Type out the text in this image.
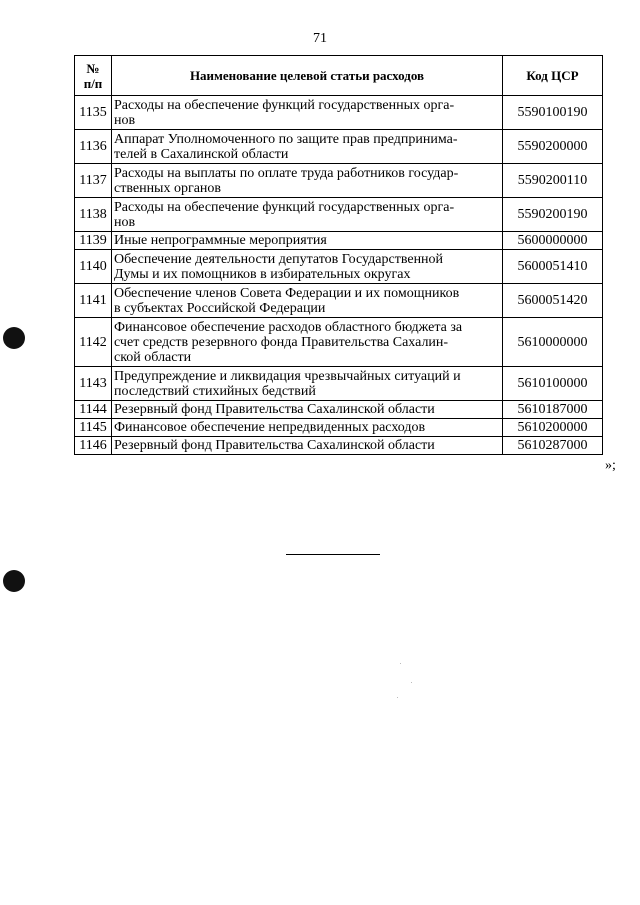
71
№
п/п	Наименование целевой статьи расходов	Код ЦСР
1135	Расходы на обеспечение функций государственных орга-
нов	5590100190
1136	Аппарат Уполномоченного по защите прав предпринима-
телей в Сахалинской области	5590200000
1137	Расходы на выплаты по оплате труда работников государ-
ственных органов	5590200110
1138	Расходы на обеспечение функций государственных орга-
нов	5590200190
1139	Иные непрограммные мероприятия	5600000000
1140	Обеспечение деятельности депутатов Государственной
Думы и их помощников в избирательных округах	5600051410
1141	Обеспечение членов Совета Федерации и их помощников
в субъектах Российской Федерации	5600051420
1142	Финансовое обеспечение расходов областного бюджета за
счет средств резервного фонда Правительства Сахалин-
ской области	5610000000
1143	Предупреждение и ликвидация чрезвычайных ситуаций и
последствий стихийных бедствий	5610100000
1144	Резервный фонд Правительства Сахалинской области	5610187000
1145	Финансовое обеспечение непредвиденных расходов	5610200000
1146	Резервный фонд Правительства Сахалинской области	5610287000
»;
